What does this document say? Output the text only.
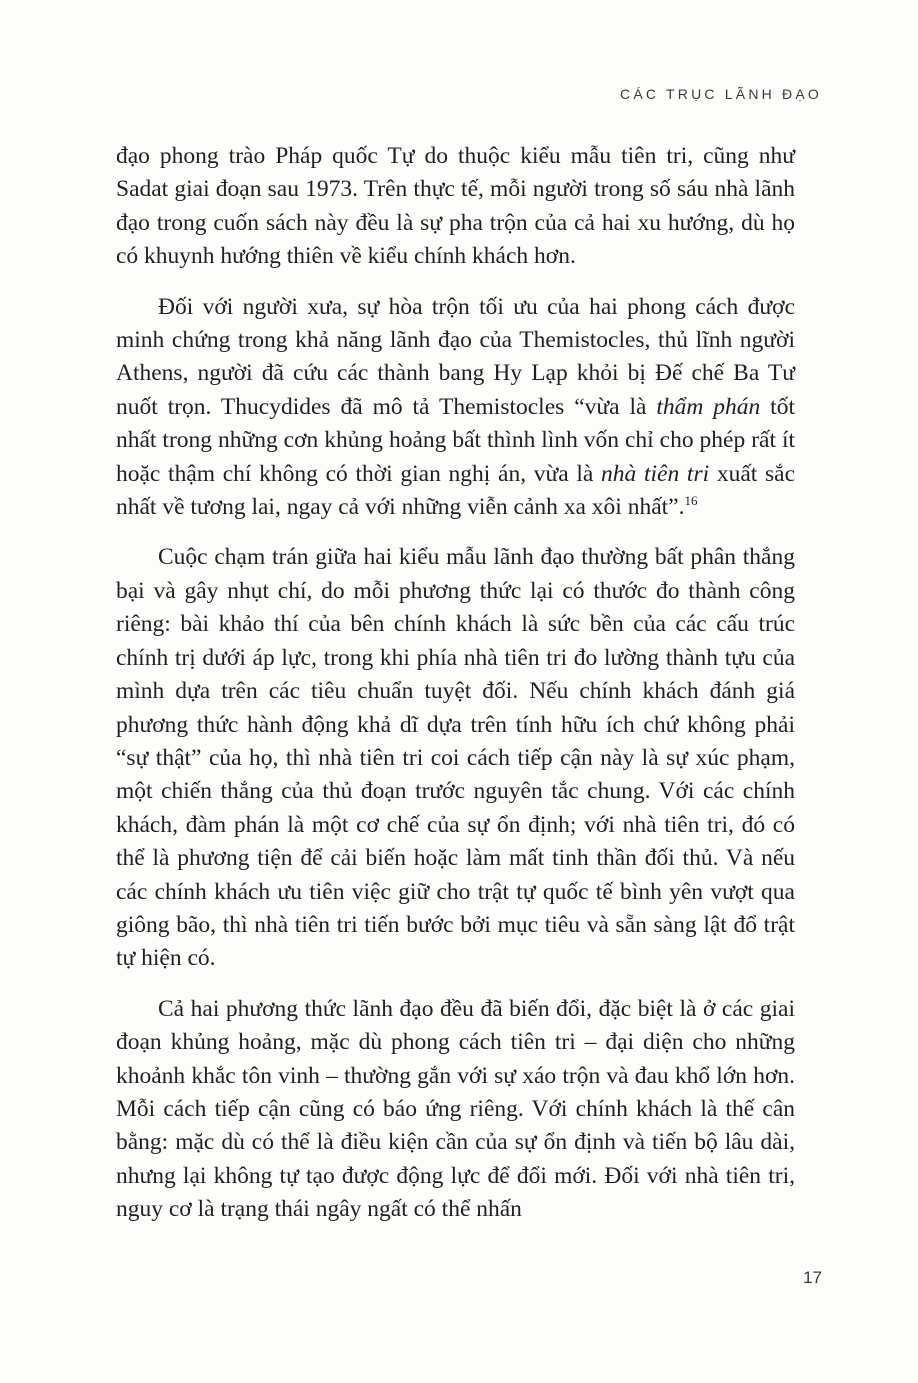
CÁC TRỤC LÃNH ĐẠO

đạo phong trào Pháp quốc Tự do thuộc kiểu mẫu tiên tri, cũng như Sadat giai đoạn sau 1973. Trên thực tế, mỗi người trong số sáu nhà lãnh đạo trong cuốn sách này đều là sự pha trộn của cả hai xu hướng, dù họ có khuynh hướng thiên về kiểu chính khách hơn.

Đối với người xưa, sự hòa trộn tối ưu của hai phong cách được minh chứng trong khả năng lãnh đạo của Themistocles, thủ lĩnh người Athens, người đã cứu các thành bang Hy Lạp khỏi bị Đế chế Ba Tư nuốt trọn. Thucydides đã mô tả Themistocles “vừa là thẩm phán tốt nhất trong những cơn khủng hoảng bất thình lình vốn chỉ cho phép rất ít hoặc thậm chí không có thời gian nghị án, vừa là nhà tiên tri xuất sắc nhất về tương lai, ngay cả với những viễn cảnh xa xôi nhất”.$^{16}$

Cuộc chạm trán giữa hai kiểu mẫu lãnh đạo thường bất phân thắng bại và gây nhụt chí, do mỗi phương thức lại có thước đo thành công riêng: bài khảo thí của bên chính khách là sức bền của các cấu trúc chính trị dưới áp lực, trong khi phía nhà tiên tri đo lường thành tựu của mình dựa trên các tiêu chuẩn tuyệt đối. Nếu chính khách đánh giá phương thức hành động khả dĩ dựa trên tính hữu ích chứ không phải “sự thật” của họ, thì nhà tiên tri coi cách tiếp cận này là sự xúc phạm, một chiến thắng của thủ đoạn trước nguyên tắc chung. Với các chính khách, đàm phán là một cơ chế của sự ổn định; với nhà tiên tri, đó có thể là phương tiện để cải biến hoặc làm mất tinh thần đối thủ. Và nếu các chính khách ưu tiên việc giữ cho trật tự quốc tế bình yên vượt qua giông bão, thì nhà tiên tri tiến bước bởi mục tiêu và sẵn sàng lật đổ trật tự hiện có.

Cả hai phương thức lãnh đạo đều đã biến đổi, đặc biệt là ở các giai đoạn khủng hoảng, mặc dù phong cách tiên tri – đại diện cho những khoảnh khắc tôn vinh – thường gắn với sự xáo trộn và đau khổ lớn hơn. Mỗi cách tiếp cận cũng có báo ứng riêng. Với chính khách là thế cân bằng: mặc dù có thể là điều kiện cần của sự ổn định và tiến bộ lâu dài, nhưng lại không tự tạo được động lực để đổi mới. Đối với nhà tiên tri, nguy cơ là trạng thái ngây ngất có thể nhấn

17
